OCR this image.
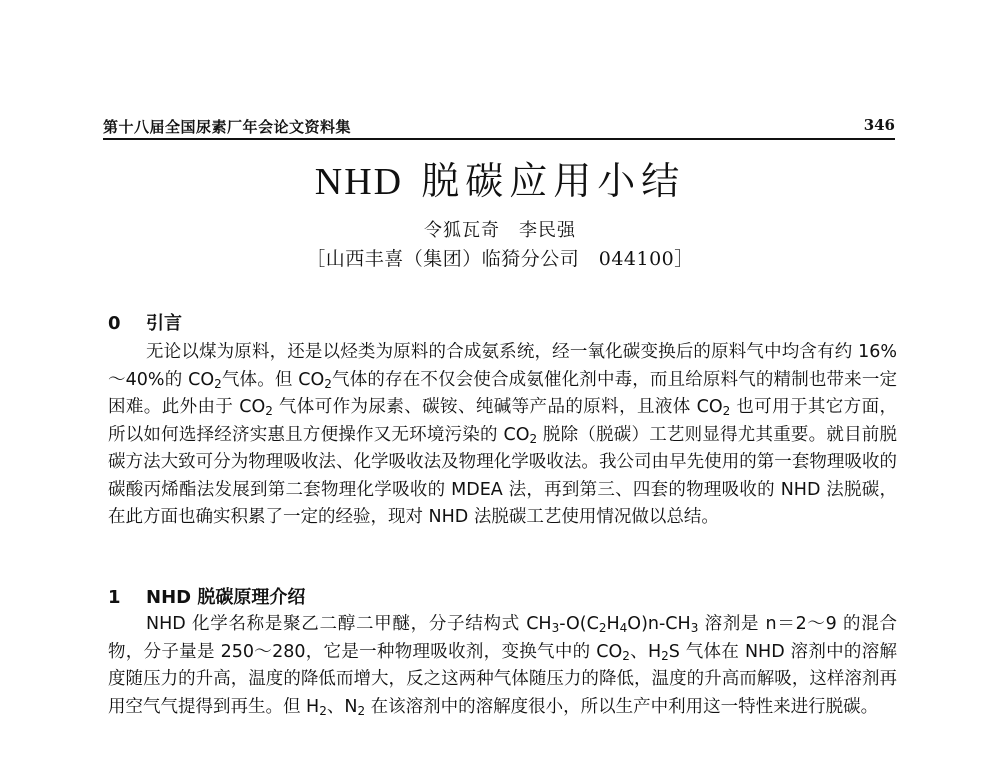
第十八届全国尿素厂年会论文资料集	346
NHD 脱碳应用小结
令狐瓦奇　李民强
［山西丰喜（集团）临猗分公司　044100］
0 引言
无论以煤为原料，还是以烃类为原料的合成氨系统，经一氧化碳变换后的原料气中均含有约 16%～40%的 $CO_2$气体。但 $CO_2$气体的存在不仅会使合成氨催化剂中毒，而且给原料气的精制也带来一定困难。此外由于 $CO_2$ 气体可作为尿素、碳铵、纯碱等产品的原料，且液体 $CO_2$ 也可用于其它方面，所以如何选择经济实惠且方便操作又无环境污染的 $CO_2$ 脱除（脱碳）工艺则显得尤其重要。就目前脱碳方法大致可分为物理吸收法、化学吸收法及物理化学吸收法。我公司由早先使用的第一套物理吸收的碳酸丙烯酯法发展到第二套物理化学吸收的 MDEA 法，再到第三、四套的物理吸收的 NHD 法脱碳，在此方面也确实积累了一定的经验，现对 NHD 法脱碳工艺使用情况做以总结。
1 NHD 脱碳原理介绍
NHD 化学名称是聚乙二醇二甲醚，分子结构式 $CH_3-O(C_2H_4O)n-CH_3$ 溶剂是 n＝2～9 的混合物，分子量是 250～280，它是一种物理吸收剂，变换气中的 $CO_2$、$H_2S$ 气体在 NHD 溶剂中的溶解度随压力的升高，温度的降低而增大，反之这两种气体随压力的降低，温度的升高而解吸，这样溶剂再用空气气提得到再生。但 $H_2$、$N_2$ 在该溶剂中的溶解度很小，所以生产中利用这一特性来进行脱碳。
